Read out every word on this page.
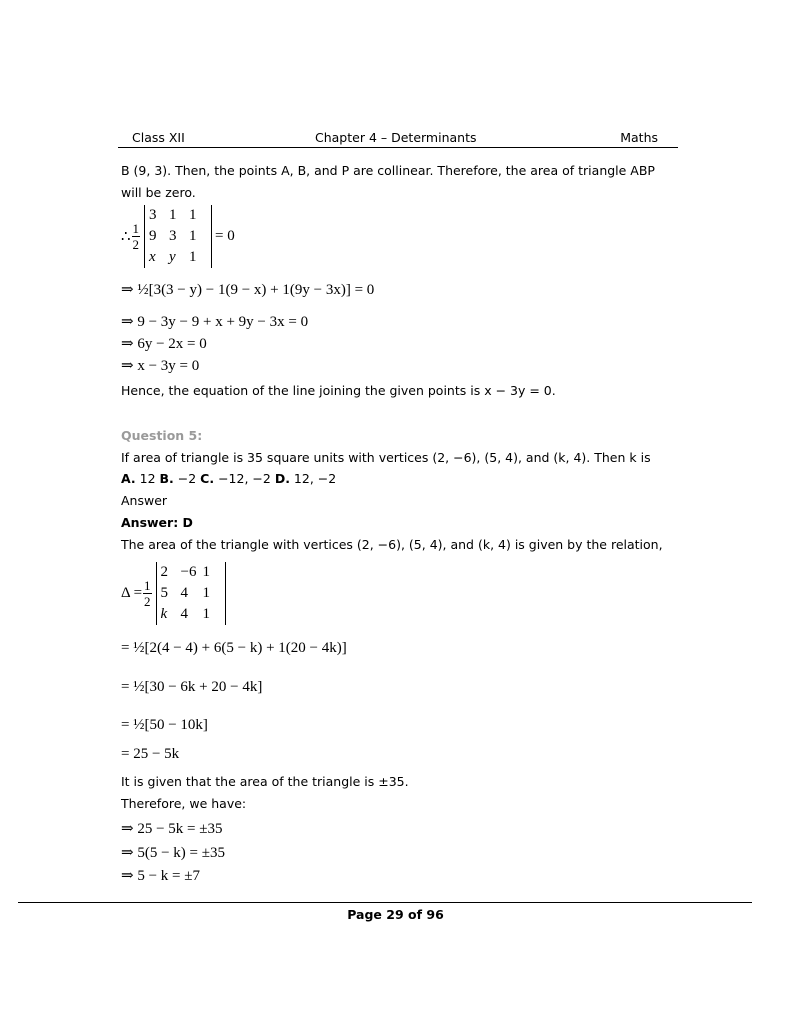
Class XII	Chapter 4 – Determinants	Maths

B (9, 3). Then, the points A, B, and P are collinear. Therefore, the area of triangle ABP

will be zero.

∴ $\frac{1}{2}$
3 1 1
9 3 1
x y 1
= 0
⇒ ½[3(3 − y) − 1(9 − x) + 1(9y − 3x)] = 0
⇒ 9 − 3y − 9 + x + 9y − 3x = 0
⇒ 6y − 2x = 0
⇒ x − 3y = 0
Hence, the equation of the line joining the given points is x − 3y = 0.
Question 5:
If area of triangle is 35 square units with vertices (2, −6), (5, 4), and (k, 4). Then k is
A. 12 B. −2 C. −12, −2 D. 12, −2
Answer
Answer: D
The area of the triangle with vertices (2, −6), (5, 4), and (k, 4) is given by the relation,
$\Delta = \frac{1}{2}$
2 −6 1
5 4 1
k 4 1
= ½[2(4 − 4) + 6(5 − k) + 1(20 − 4k)]
= ½[30 − 6k + 20 − 4k]
= ½[50 − 10k]
= 25 − 5k
It is given that the area of the triangle is ±35.
Therefore, we have:
⇒ 25 − 5k = ±35
⇒ 5(5 − k) = ±35
⇒ 5 − k = ±7
Page 29 of 96
